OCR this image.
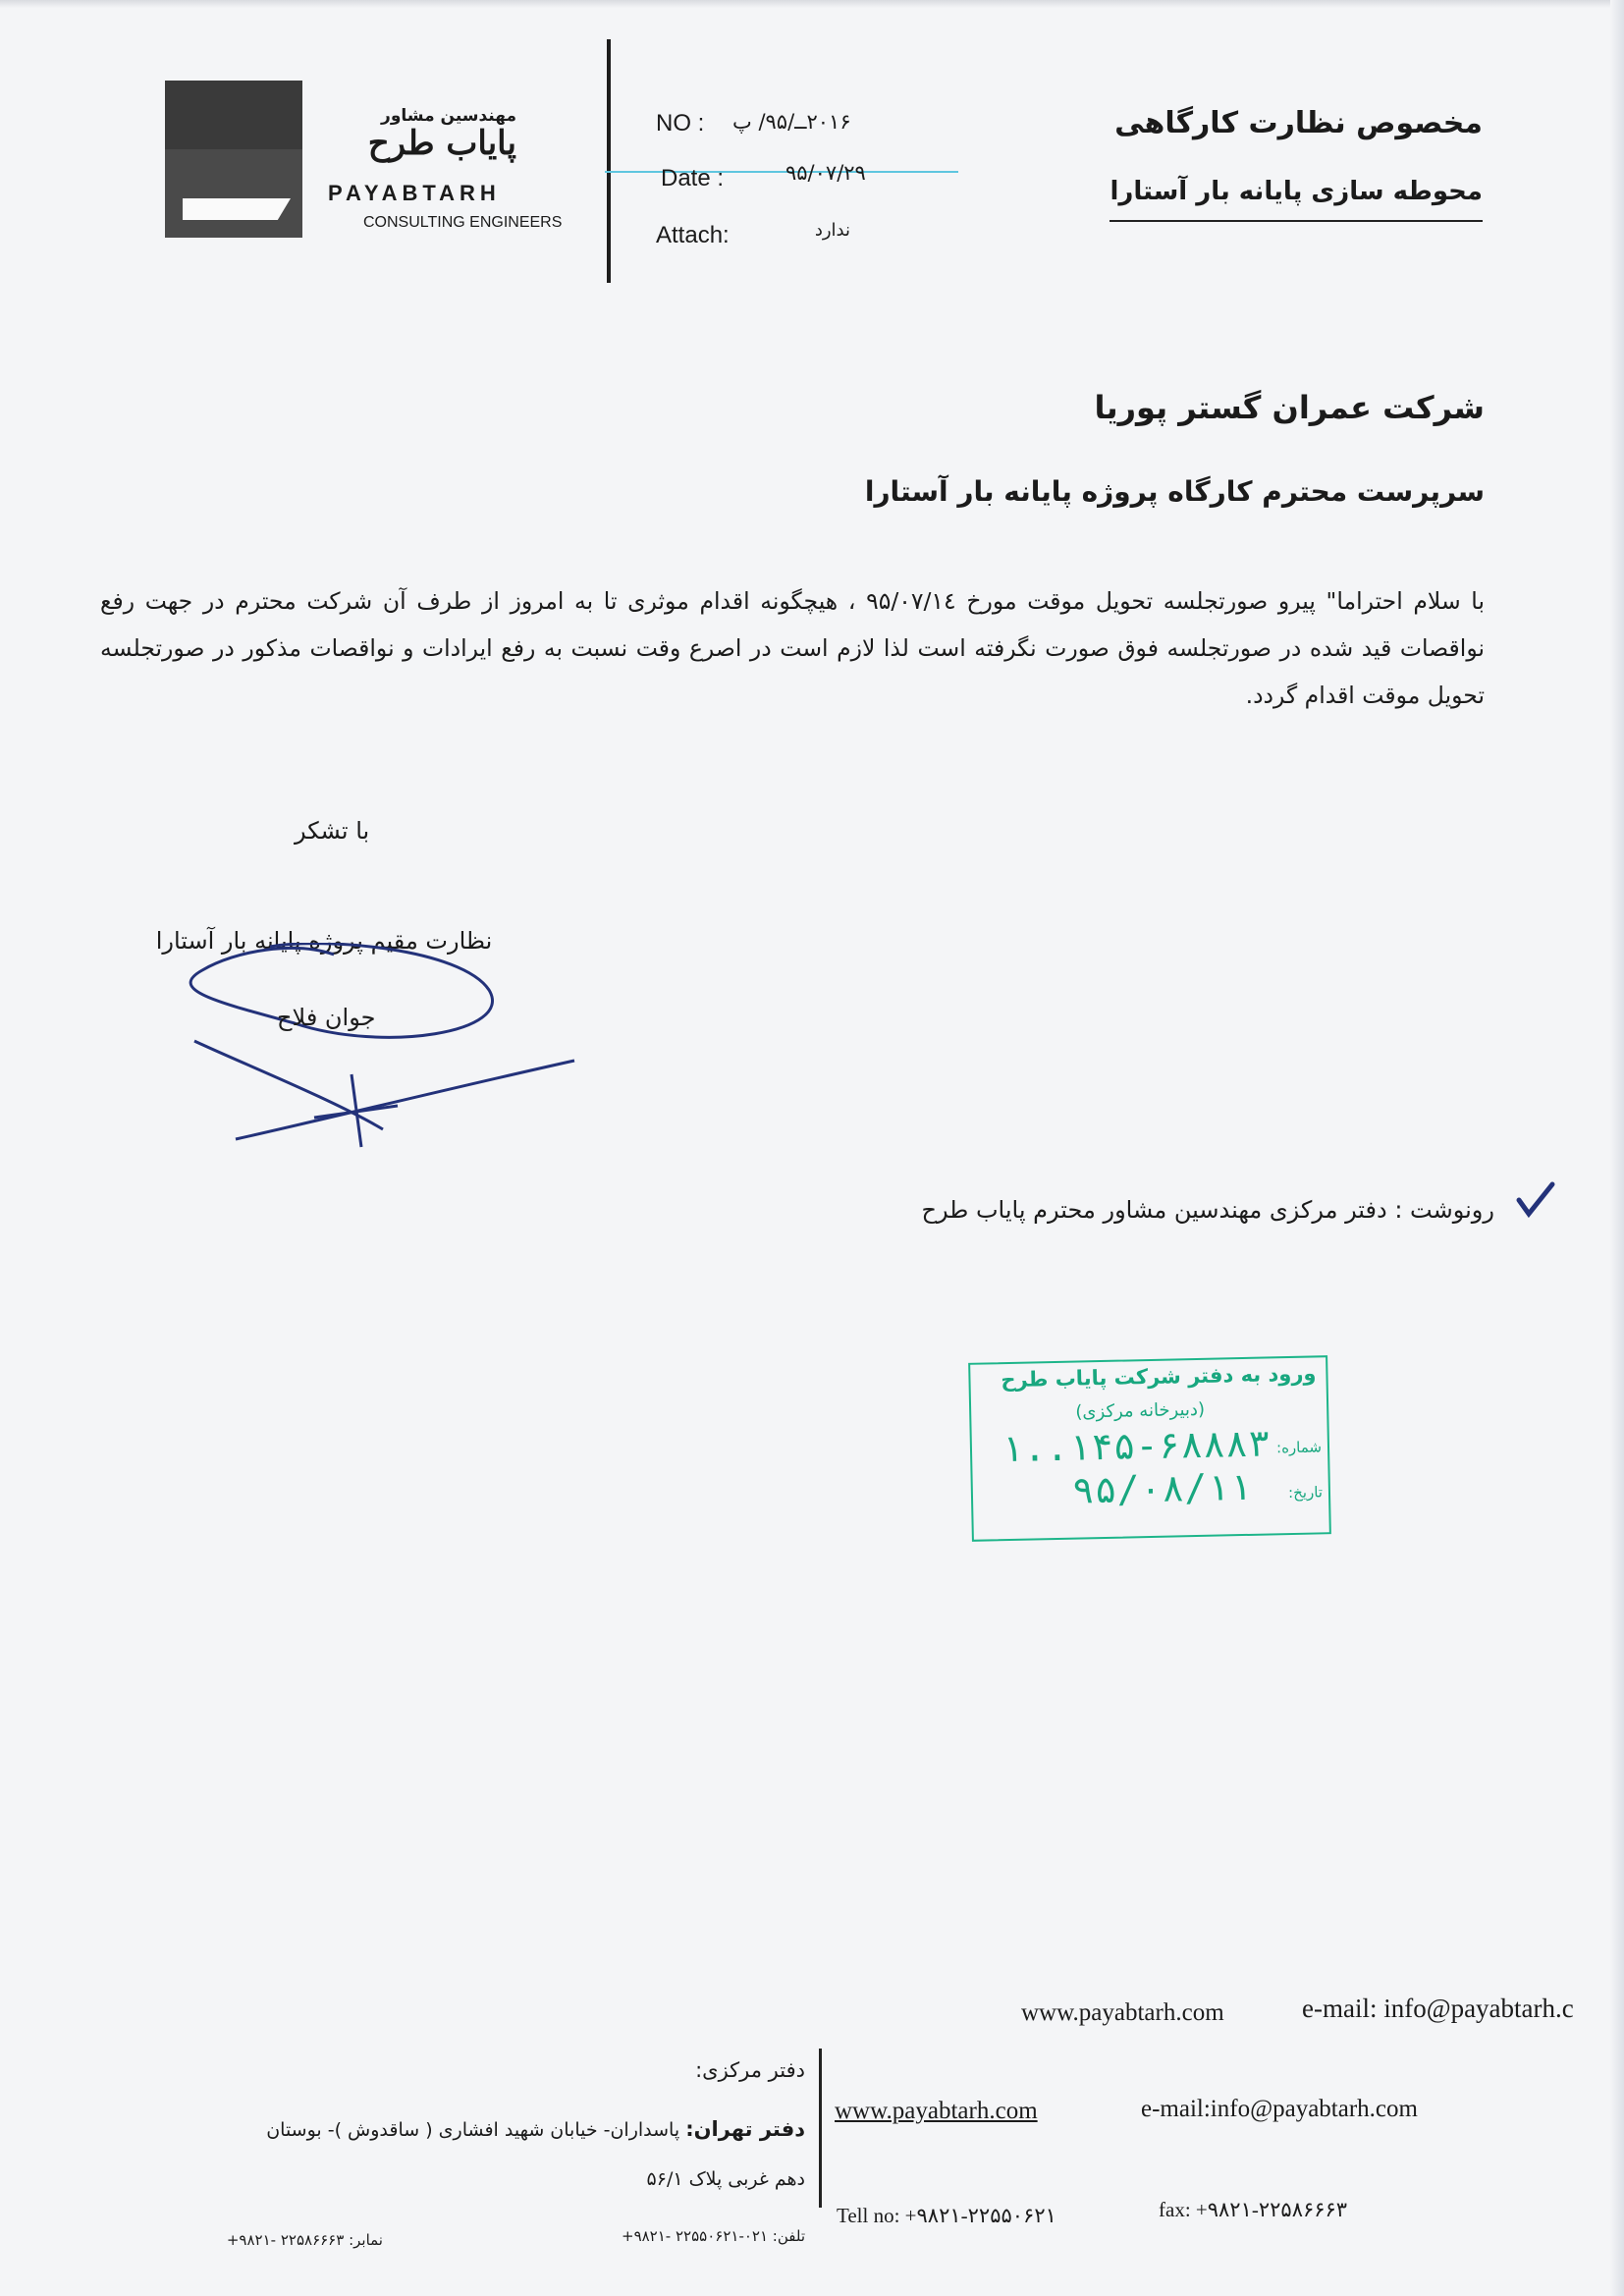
مهندسین مشاور
پایاب طرح
PAYABTARH
CONSULTING ENGINEERS
NO : ۲۰۱۶ــ/۹۵/ پ
Date :	۹۵/۰۷/۲۹
Attach:	ندارد
مخصوص نظارت کارگاهی
محوطه سازی پایانه بار آستارا
شرکت عمران گستر پوریا
سرپرست محترم کارگاه پروژه پایانه بار آستارا
با سلام احتراما" پیرو صورتجلسه تحویل موقت مورخ ۹۵/۰۷/۱٤ ، هیچگونه اقدام موثری تا به امروز از طرف آن شرکت محترم در جهت رفع نواقصات قید شده در صورتجلسه فوق صورت نگرفته است لذا لازم است در اصرع وقت نسبت به رفع ایرادات و نواقصات مذکور در صورتجلسه تحویل موقت اقدام گردد.
با تشکر
نظارت مقیم پروژه پایانه بار آستارا
جوان فلاح
رونوشت : دفتر مرکزی مهندسین مشاور محترم پایاب طرح
ورود به دفتر شرکت پایاب طرح
(دبیرخانه مرکزی)
شماره:
۱..۱۴۵-۶۸۸۸۳
تاریخ:
۹۵/۰۸/۱۱
www.payabtarh.com	e-mail: info@payabtarh.c
دفتر مرکزی:
دفتر تهران: پاسداران- خیابان شهید افشاری ( ساقدوش )- بوستان
دهم غربی پلاک ۵۶/۱
تلفن: ۰۲۱-۲۲۵۵۰۶۲۱ -۹۸۲۱+
نمابر: ۲۲۵۸۶۶۶۳ -۹۸۲۱+
www.payabtarh.com	e-mail:info@payabtarh.com
Tell no: +۹۸۲۱-۲۲۵۵۰۶۲۱	fax: +۹۸۲۱-۲۲۵۸۶۶۶۳
